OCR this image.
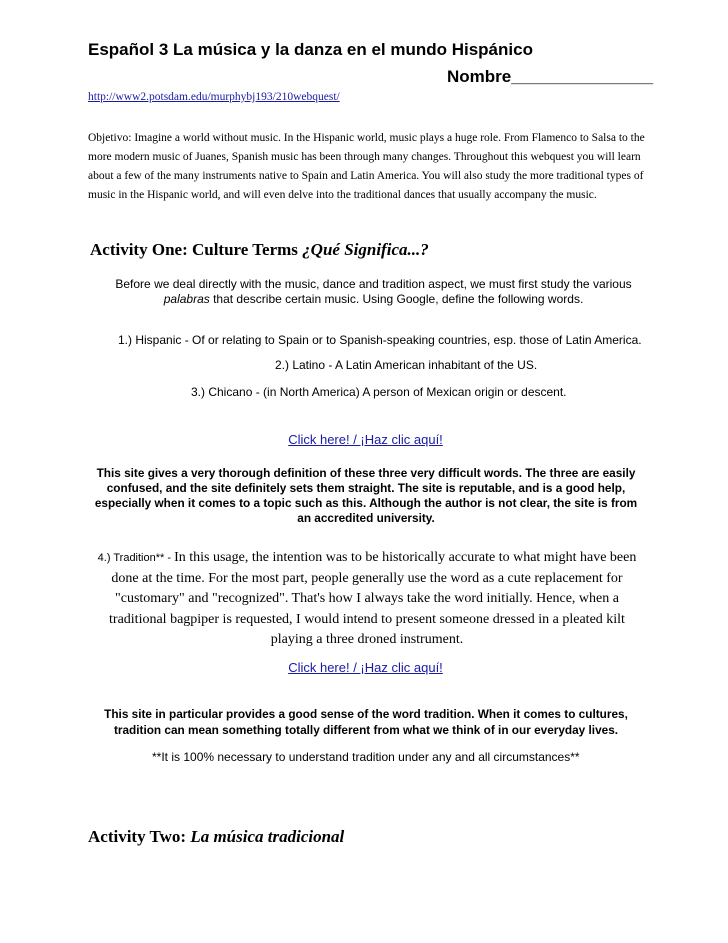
Español 3 La música y la danza en el mundo Hispánico
Nombre_______________
http://www2.potsdam.edu/murphybj193/210webquest/
Objetivo: Imagine a world without music. In the Hispanic world, music plays a huge role. From Flamenco to Salsa to the more modern music of Juanes, Spanish music has been through many changes. Throughout this webquest you will learn about a few of the many instruments native to Spain and Latin America. You will also study the more traditional types of music in the Hispanic world, and will even delve into the traditional dances that usually accompany the music.
Activity One: Culture Terms ¿Qué Significa...?
Before we deal directly with the music, dance and tradition aspect, we must first study the various palabras that describe certain music. Using Google, define the following words.
1.) Hispanic - Of or relating to Spain or to Spanish-speaking countries, esp. those of Latin America.
2.) Latino - A Latin American inhabitant of the US.
3.) Chicano - (in North America) A person of Mexican origin or descent.
Click here! / ¡Haz clic aquí!
This site gives a very thorough definition of these three very difficult words. The three are easily confused, and the site definitely sets them straight. The site is reputable, and is a good help, especially when it comes to a topic such as this. Although the author is not clear, the site is from an accredited university.
4.) Tradition** - In this usage, the intention was to be historically accurate to what might have been done at the time. For the most part, people generally use the word as a cute replacement for "customary" and "recognized". That's how I always take the word initially. Hence, when a traditional bagpiper is requested, I would intend to present someone dressed in a pleated kilt playing a three droned instrument.
Click here! / ¡Haz clic aquí!
This site in particular provides a good sense of the word tradition. When it comes to cultures, tradition can mean something totally different from what we think of in our everyday lives.
**It is 100% necessary to understand tradition under any and all circumstances**
Activity Two: La música tradicional
